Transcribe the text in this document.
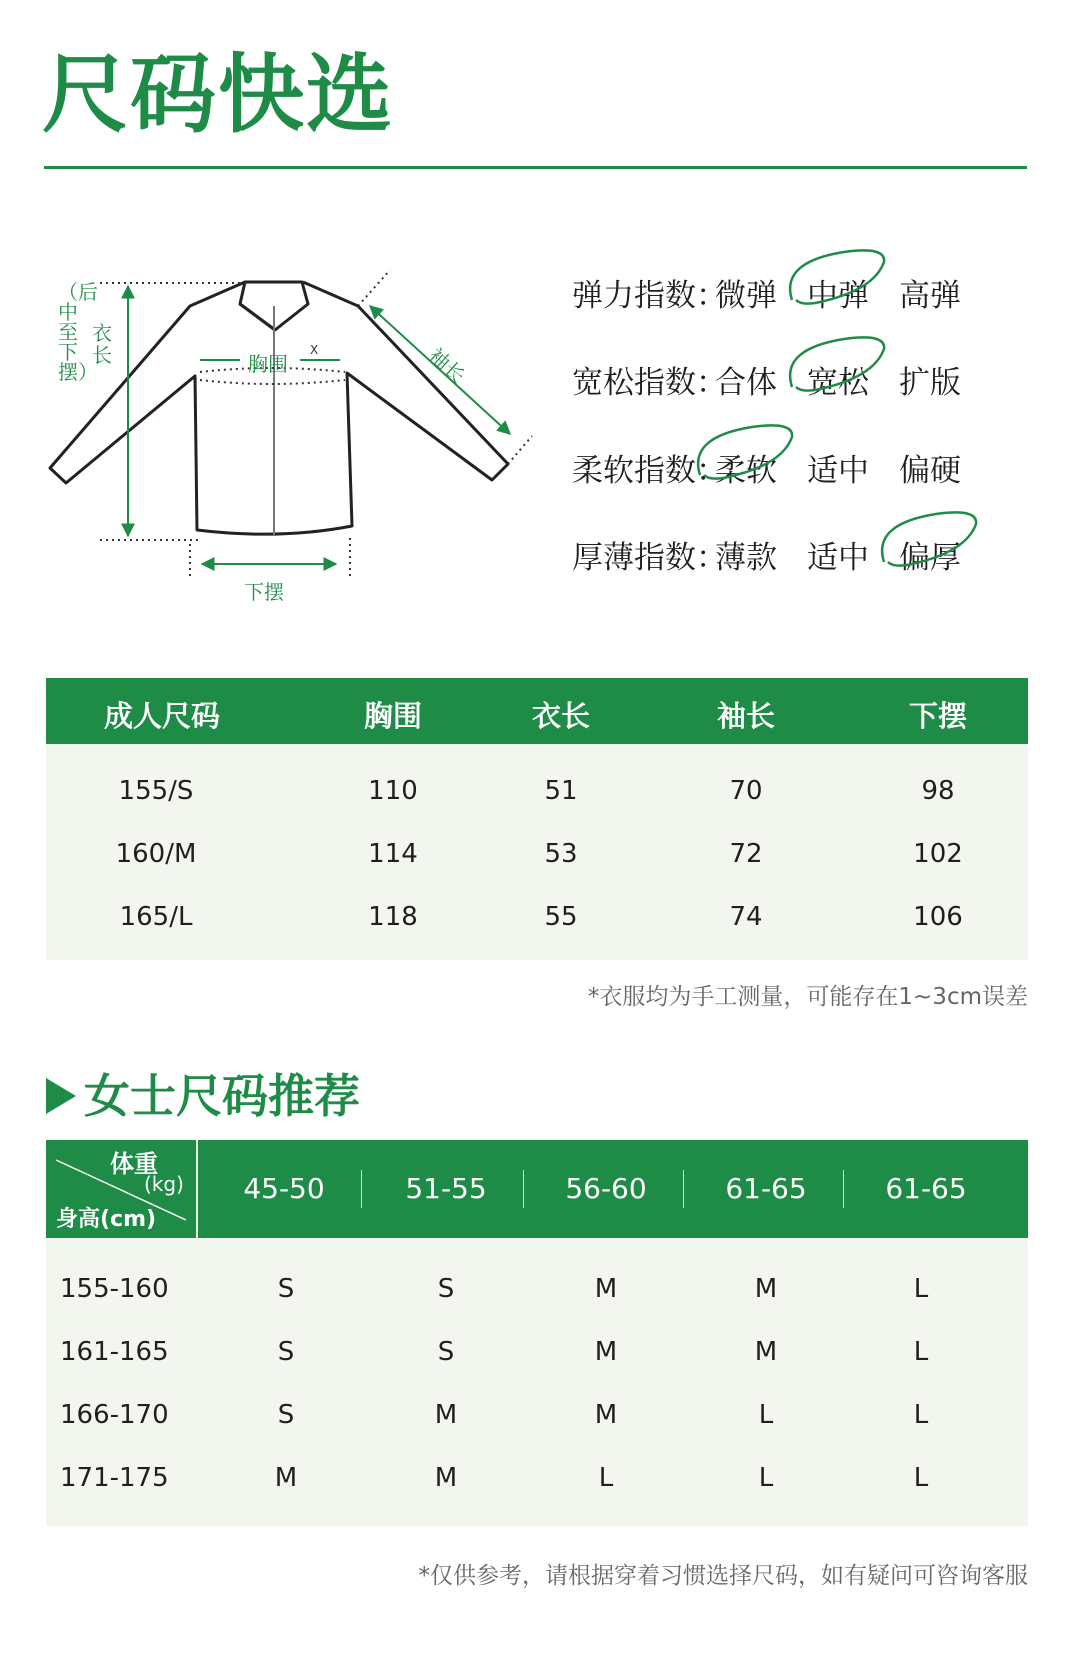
尺码快选
X
胸围
下摆
袖长
衣长
（后中至下摆）
弹力指数：
微弹 中弹 高弹
宽松指数：
合体 宽松 扩版
柔软指数：
柔软 适中 偏硬
厚薄指数：
薄款 适中 偏厚
成人尺码	胸围	衣长	袖长	下摆
155/S	110	51	70	98
160/M	114	53	72	102
165/L	118	55	74	106
*衣服均为手工测量，可能存在1~3cm误差
女士尺码推荐
体重
(kg)
身高(cm)
45-50	51-55	56-60	61-65	61-65
155-160	S	S	M	M	L
161-165	S	S	M	M	L
166-170	S	M	M	L	L
171-175	M	M	L	L	L
*仅供参考，请根据穿着习惯选择尺码，如有疑问可咨询客服
